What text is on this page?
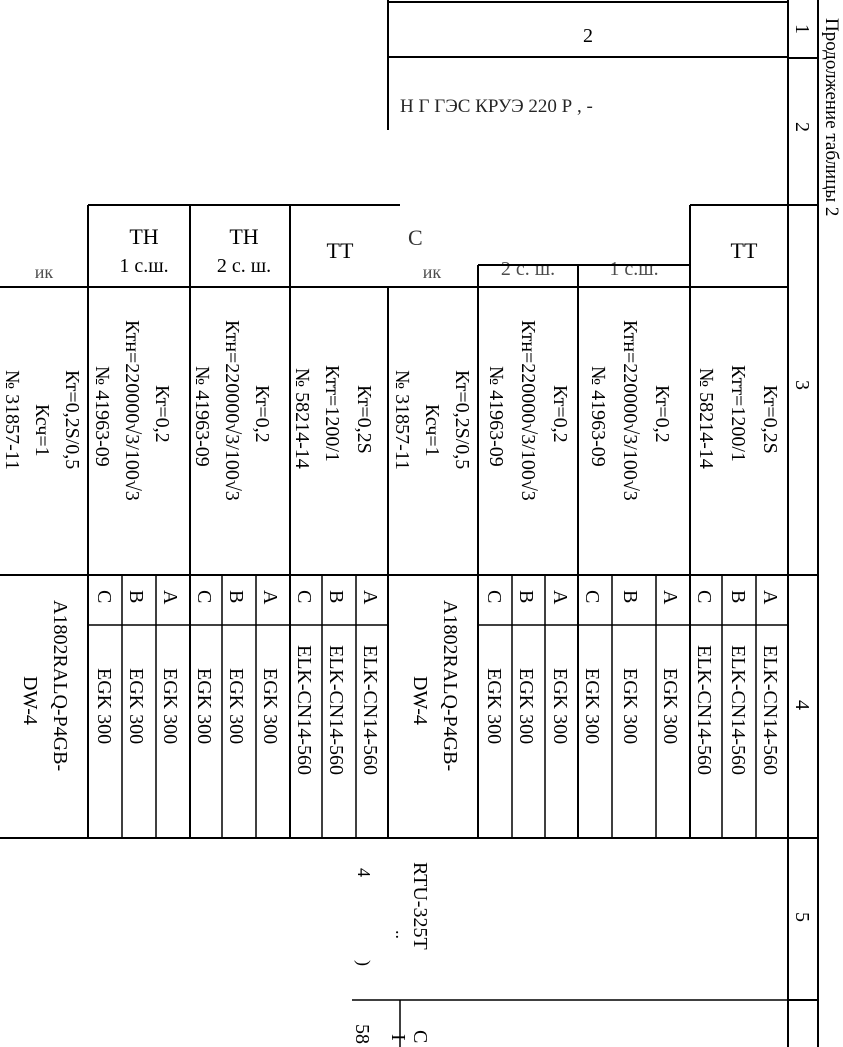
Продолжение таблицы 2
1
2
3
4
5
2
Н Г ГЭС КРУЭ 220 Р , -
ТТ
Кт=0,2S
Ктт=1200/1
№ 58214-14
А
В
С
ELK-CN14-560
ELK-CN14-560
ELK-CN14-560
1 с.ш.
Кт=0,2
Ктн=220000√3/100√3
№ 41963-09
А
В
С
EGK 300
EGK 300
EGK 300
2 с. ш.
Кт=0,2
Ктн=220000√3/100√3
№ 41963-09
А
В
С
EGK 300
EGK 300
EGK 300
С
ик
Кт=0,2S/0,5
Ксч=1
№ 31857-11
A1802RALQ-P4GB-
DW-4
ТТ
Кт=0,2S
Ктт=1200/1
№ 58214-14
А
В
С
ELK-CN14-560
ELK-CN14-560
ELK-CN14-560
ТН
2 с. ш.
Кт=0,2
Ктн=220000√3/100√3
№ 41963-09
А
В
С
EGK 300
EGK 300
EGK 300
ТН
1 с.ш.
Кт=0,2
Ктн=220000√3/100√3
№ 41963-09
А
В
С
EGK 300
EGK 300
EGK 300
ик
Кт=0,2S/0,5
Ксч=1
№ 31857-11
A1802RALQ-P4GB-
DW-4
RTU-325T
4
..
)
С
I
58
